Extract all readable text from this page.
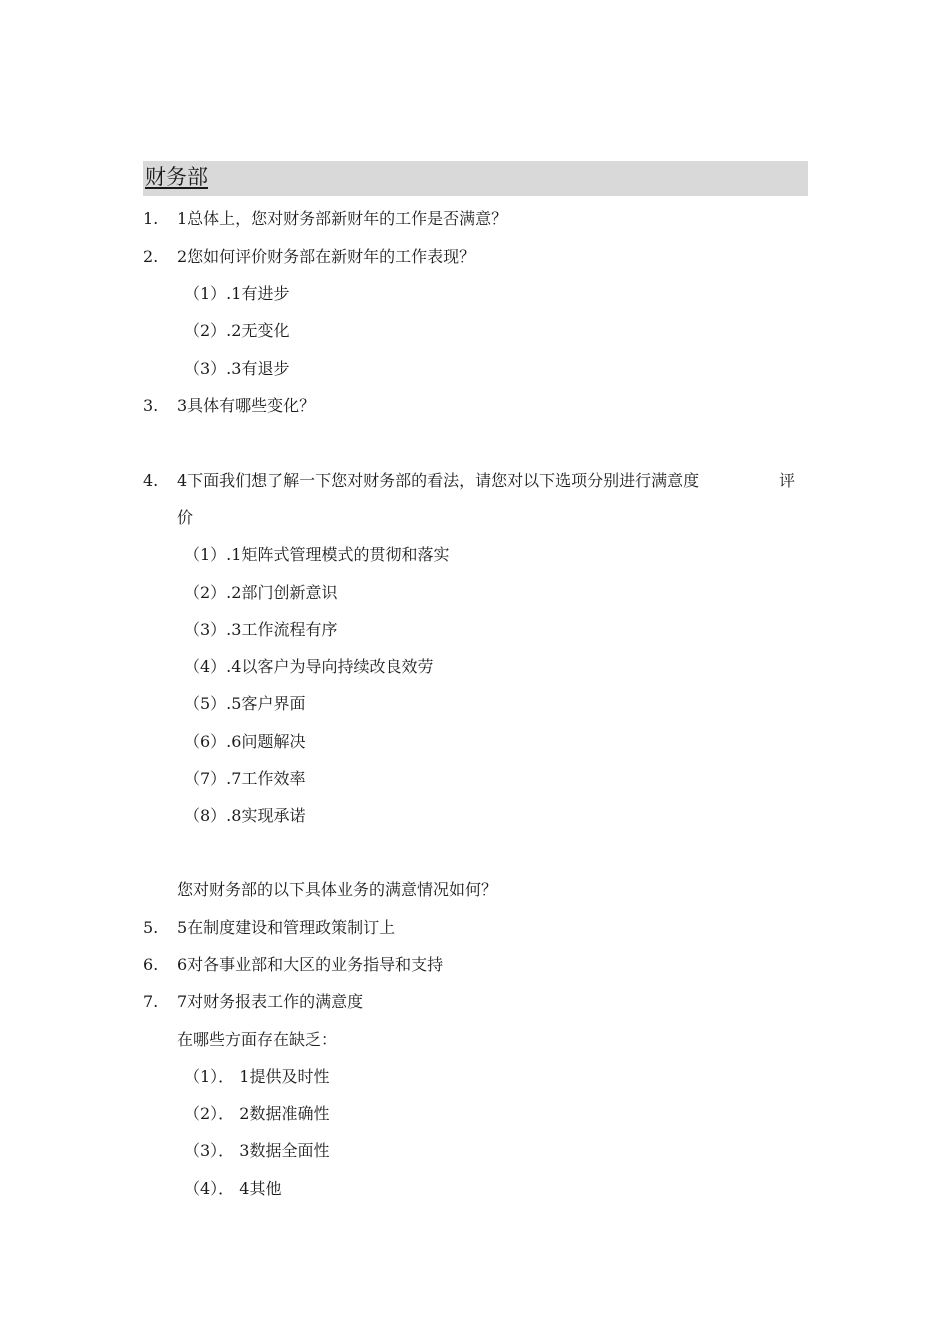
财务部
1. 1总体上，您对财务部新财年的工作是否满意？
2. 2您如何评价财务部在新财年的工作表现？
（1）.1有进步
（2）.2无变化
（3）.3有退步
3. 3具体有哪些变化？
4. 4下面我们想了解一下您对财务部的看法，请您对以下选项分别进行满意度	评
价
（1）.1矩阵式管理模式的贯彻和落实
（2）.2部门创新意识
（3）.3工作流程有序
（4）.4以客户为导向持续改良效劳
（5）.5客户界面
（6）.6问题解决
（7）.7工作效率
（8）.8实现承诺
您对财务部的以下具体业务的满意情况如何？
5. 5在制度建设和管理政策制订上
6. 6对各事业部和大区的业务指导和支持
7. 7对财务报表工作的满意度
在哪些方面存在缺乏：
（1）． 1提供及时性
（2）． 2数据准确性
（3）． 3数据全面性
（4）． 4其他
